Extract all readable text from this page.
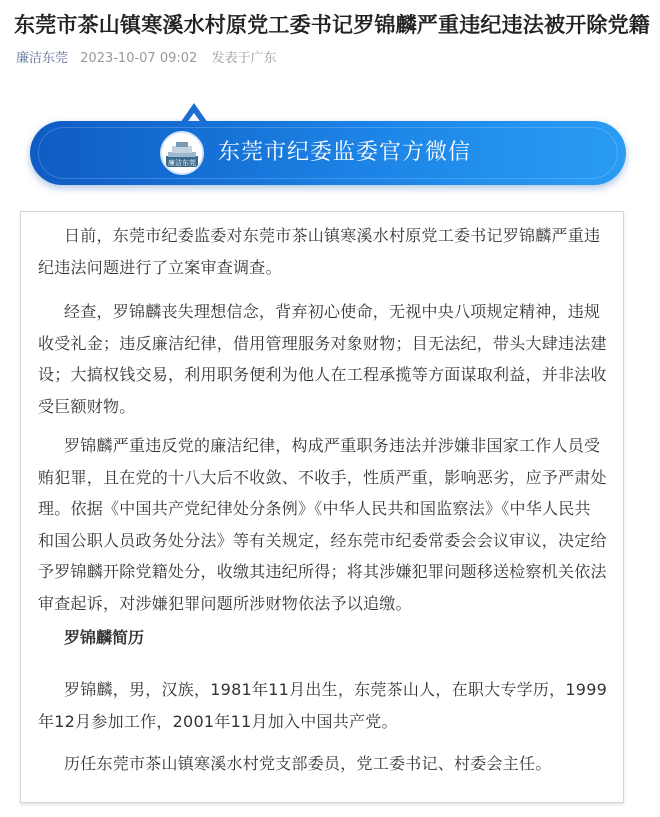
东莞市茶山镇寒溪水村原党工委书记罗锦麟严重违纪违法被开除党籍
廉洁东莞 2023-10-07 09:02 发表于广东
廉洁东莞 东莞市纪委监委官方微信

日前，东莞市纪委监委对东莞市茶山镇寒溪水村原党工委书记罗锦麟严重违
纪违法问题进行了立案审查调查。

经查，罗锦麟丧失理想信念，背弃初心使命，无视中央八项规定精神，违规
收受礼金；违反廉洁纪律，借用管理服务对象财物；目无法纪，带头大肆违法建
设；大搞权钱交易，利用职务便利为他人在工程承揽等方面谋取利益，并非法收
受巨额财物。

罗锦麟严重违反党的廉洁纪律，构成严重职务违法并涉嫌非国家工作人员受
贿犯罪，且在党的十八大后不收敛、不收手，性质严重，影响恶劣，应予严肃处
理。依据《中国共产党纪律处分条例》《中华人民共和国监察法》《中华人民共
和国公职人员政务处分法》等有关规定，经东莞市纪委常委会会议审议，决定给
予罗锦麟开除党籍处分，收缴其违纪所得；将其涉嫌犯罪问题移送检察机关依法
审查起诉，对涉嫌犯罪问题所涉财物依法予以追缴。

罗锦麟，男，汉族，1981年11月出生，东莞茶山人，在职大专学历，1999
年12月参加工作，2001年11月加入中国共产党。

历任东莞市茶山镇寒溪水村党支部委员，党工委书记、村委会主任。

罗锦麟简历
